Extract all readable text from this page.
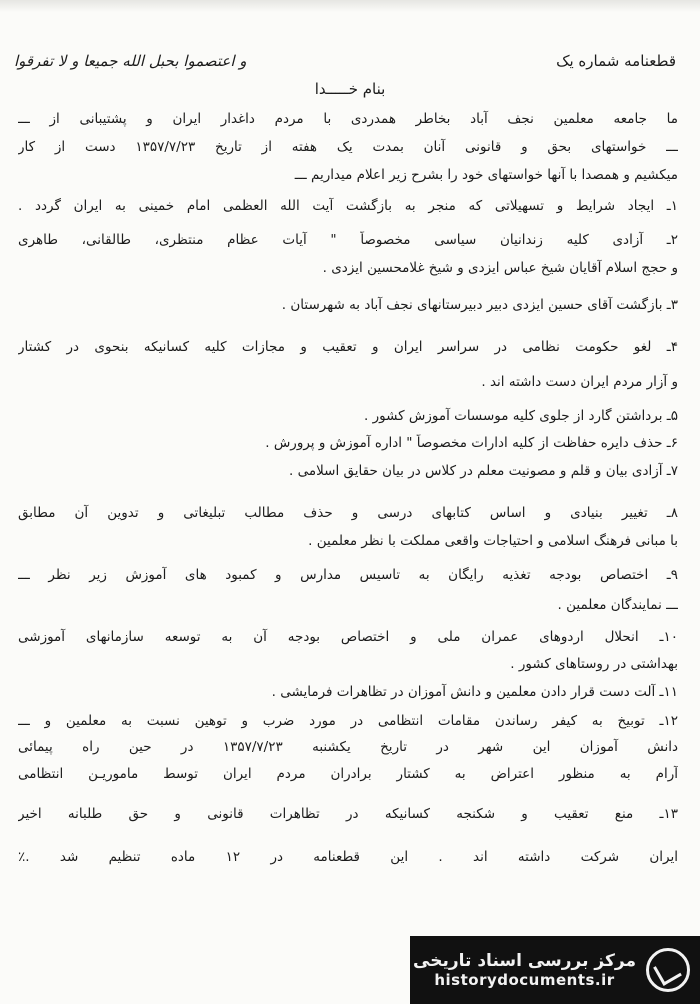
قطعنامه شماره یک
و اعتصموا بحبل الله جمیعا و لا تفرقوا
بنام خـــــدا
ما جامعه معلمین نجف آباد بخاطر همدردی با مردم داغدار ایران و پشتیبانی از ـــ
ـــ خواستهای بحق و قانونی آنان بمدت یک هفته از تاریخ ۱۳۵۷/۷/۲۳ دست از کار
میکشیم و همصدا با آنها خواستهای خود را بشرح زیر اعلام میداریم ـــ
۱ـ ایجاد شرایط و تسهیلاتی که منجر به بازگشت آیت الله العظمی امام خمینی به ایران گردد .
۲ـ آزادی کلیه زندانیان سیاسی مخصوصاً " آیات عظام منتظری، طالقانی، طاهری
و حجج اسلام آقایان شیخ عباس ایزدی و شیخ غلامحسین ایزدی .
۳ـ بازگشت آقای حسین ایزدی دبیر دبیرستانهای نجف آباد به شهرستان .
۴ـ لغو حکومت نظامی در سراسر ایران و تعقیب و مجازات کلیه کسانیکه بنحوی در کشتار
و آزار مردم ایران دست داشته اند .
۵ـ برداشتن گارد از جلوی کلیه موسسات آموزش کشور .
۶ـ حذف دایره حفاظت از کلیه ادارات مخصوصاً " اداره آموزش و پرورش .
۷ـ آزادی بیان و قلم و مصونیت معلم در کلاس در بیان حقایق اسلامی .
۸ـ تغییر بنیادی و اساس کتابهای درسی و حذف مطالب تبلیغاتی و تدوین آن مطابق
با مبانی فرهنگ اسلامی و احتیاجات واقعی مملکت با نظر معلمین .
۹ـ اختصاص بودجه تغذیه رایگان به تاسیس مدارس و کمبود های آموزش زیر نظر ـــ
ـــ نمایندگان معلمین .
۱۰ـ انحلال اردوهای عمران ملی و اختصاص بودجه آن به توسعه سازمانهای آموزشی
بهداشتی در روستاهای کشور .
۱۱ـ آلت دست قرار دادن معلمین و دانش آموزان در تظاهرات فرمایشی .
۱۲ـ توبیخ به کیفر رساندن مقامات انتظامی در مورد ضرب و توهین نسبت به معلمین و ـــ
دانش آموزان این شهر در تاریخ یکشنبه ۱۳۵۷/۷/۲۳ در حین راه پیمائی
آرام به منظور اعتراض به کشتار برادران مردم ایران توسط ماموریـن انتظامی
۱۳ـ منع تعقیب و شکنجه کسانیکه در تظاهرات قانونی و حق طلبانه اخیر
ایران شرکت داشته اند . این قطعنامه در ۱۲ ماده تنظیم شد .٪
مرکز بررسی اسناد تاریخی
historydocuments.ir
